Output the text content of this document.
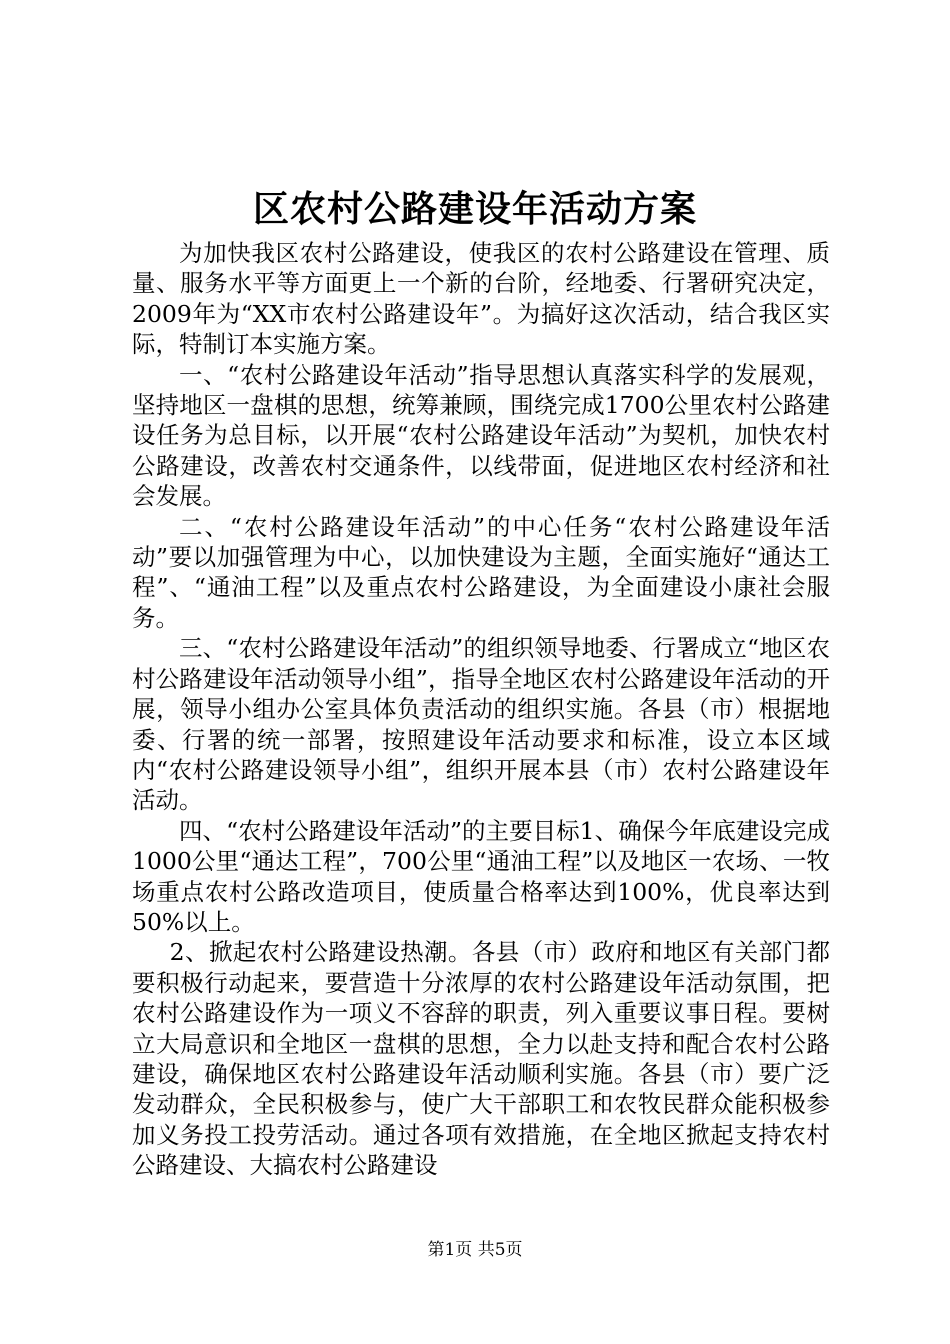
区农村公路建设年活动方案

为加快我区农村公路建设，使我区的农村公路建设在管理、质量、服务水平等方面更上一个新的台阶，经地委、行署研究决定，2009年为“XX市农村公路建设年”。为搞好这次活动，结合我区实际，特制订本实施方案。

一、“农村公路建设年活动”指导思想认真落实科学的发展观，坚持地区一盘棋的思想，统筹兼顾，围绕完成1700公里农村公路建设任务为总目标，以开展“农村公路建设年活动”为契机，加快农村公路建设，改善农村交通条件，以线带面，促进地区农村经济和社会发展。

二、“农村公路建设年活动”的中心任务“农村公路建设年活动”要以加强管理为中心，以加快建设为主题，全面实施好“通达工程”、“通油工程”以及重点农村公路建设，为全面建设小康社会服务。

三、“农村公路建设年活动”的组织领导地委、行署成立“地区农村公路建设年活动领导小组”，指导全地区农村公路建设年活动的开展，领导小组办公室具体负责活动的组织实施。各县（市）根据地委、行署的统一部署，按照建设年活动要求和标准，设立本区域内“农村公路建设领导小组”，组织开展本县（市）农村公路建设年活动。

四、“农村公路建设年活动”的主要目标1、确保今年底建设完成1000公里“通达工程”，700公里“通油工程”以及地区一农场、一牧场重点农村公路改造项目，使质量合格率达到100%，优良率达到50%以上。

2、掀起农村公路建设热潮。各县（市）政府和地区有关部门都要积极行动起来，要营造十分浓厚的农村公路建设年活动氛围，把农村公路建设作为一项义不容辞的职责，列入重要议事日程。要树立大局意识和全地区一盘棋的思想，全力以赴支持和配合农村公路建设，确保地区农村公路建设年活动顺利实施。各县（市）要广泛发动群众，全民积极参与，使广大干部职工和农牧民群众能积极参加义务投工投劳活动。通过各项有效措施，在全地区掀起支持农村公路建设、大搞农村公路建设

第1页 共5页
